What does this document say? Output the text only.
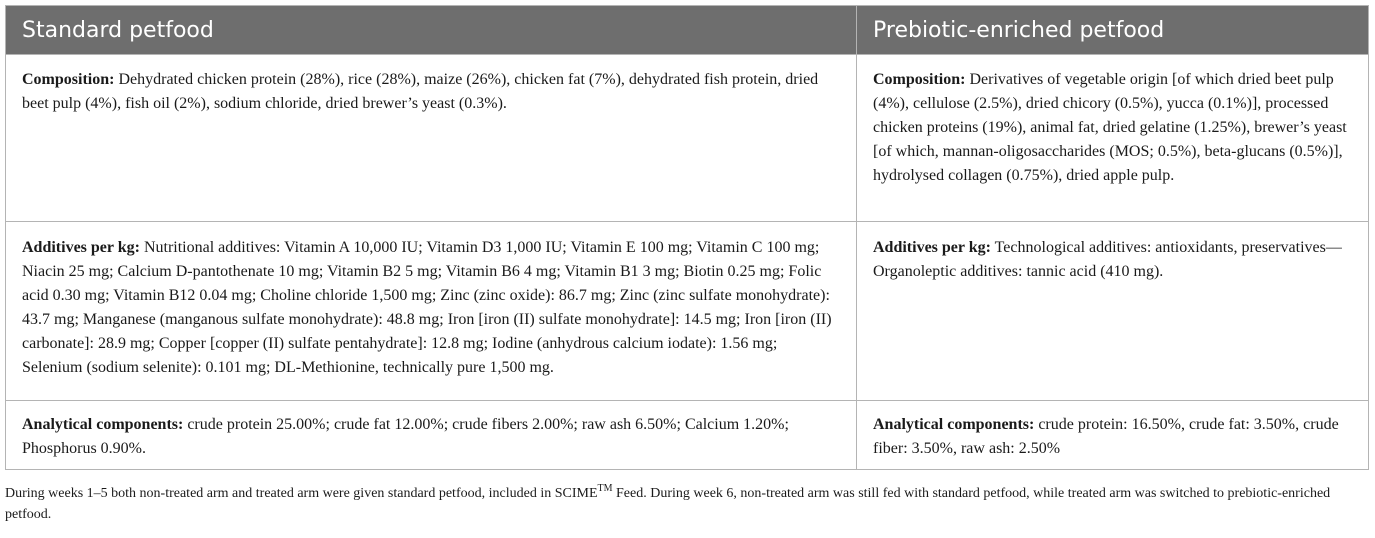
Standard petfood	Prebiotic-enriched petfood
Composition: Dehydrated chicken protein (28%), rice (28%), maize (26%), chicken fat (7%), dehydrated fish protein, dried beet pulp (4%), fish oil (2%), sodium chloride, dried brewer’s yeast (0.3%).	Composition: Derivatives of vegetable origin [of which dried beet pulp (4%), cellulose (2.5%), dried chicory (0.5%), yucca (0.1%)], processed chicken proteins (19%), animal fat, dried gelatine (1.25%), brewer’s yeast [of which, mannan-oligosaccharides (MOS; 0.5%), beta-glucans (0.5%)], hydrolysed collagen (0.75%), dried apple pulp.
Additives per kg: Nutritional additives: Vitamin A 10,000 IU; Vitamin D3 1,000 IU; Vitamin E 100 mg; Vitamin C 100 mg; Niacin 25 mg; Calcium D-pantothenate 10 mg; Vitamin B2 5 mg; Vitamin B6 4 mg; Vitamin B1 3 mg; Biotin 0.25 mg; Folic acid 0.30 mg; Vitamin B12 0.04 mg; Choline chloride 1,500 mg; Zinc (zinc oxide): 86.7 mg; Zinc (zinc sulfate monohydrate): 43.7 mg; Manganese (manganous sulfate monohydrate): 48.8 mg; Iron [iron (II) sulfate monohydrate]: 14.5 mg; Iron [iron (II) carbonate]: 28.9 mg; Copper [copper (II) sulfate pentahydrate]: 12.8 mg; Iodine (anhydrous calcium iodate): 1.56 mg; Selenium (sodium selenite): 0.101 mg; DL-Methionine, technically pure 1,500 mg.	Additives per kg: Technological additives: antioxidants, preservatives—Organoleptic additives: tannic acid (410 mg).
Analytical components: crude protein 25.00%; crude fat 12.00%; crude fibers 2.00%; raw ash 6.50%; Calcium 1.20%; Phosphorus 0.90%.	Analytical components: crude protein: 16.50%, crude fat: 3.50%, crude fiber: 3.50%, raw ash: 2.50%
During weeks 1–5 both non-treated arm and treated arm were given standard petfood, included in SCIME™ Feed. During week 6, non-treated arm was still fed with standard petfood, while treated arm was switched to prebiotic-enriched petfood.
